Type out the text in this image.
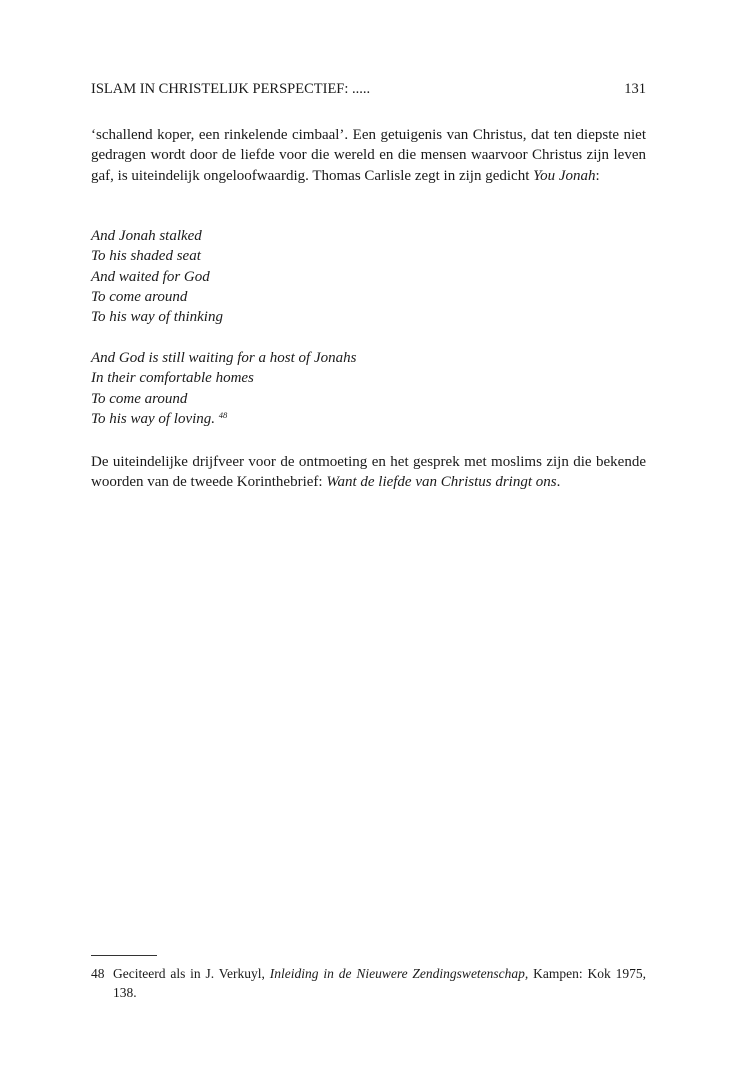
ISLAM IN CHRISTELIJK PERSPECTIEF: .....	131

‘schallend koper, een rinkelende cimbaal’. Een getuigenis van Christus, dat ten diepste niet gedragen wordt door de liefde voor die wereld en die mensen waarvoor Christus zijn leven gaf, is uiteindelijk ongeloofwaardig. Thomas Carlisle zegt in zijn gedicht You Jonah:

And Jonah stalked
To his shaded seat
And waited for God
To come around
To his way of thinking
And God is still waiting for a host of Jonahs
In their comfortable homes
To come around
To his way of loving. $^{48}$

De uiteindelijke drijfveer voor de ontmoeting en het gesprek met moslims zijn die bekende woorden van de tweede Korinthebrief: Want de liefde van Christus dringt ons.

48 Geciteerd als in J. Verkuyl, Inleiding in de Nieuwere Zendingswetenschap, Kampen: Kok 1975, 138.
